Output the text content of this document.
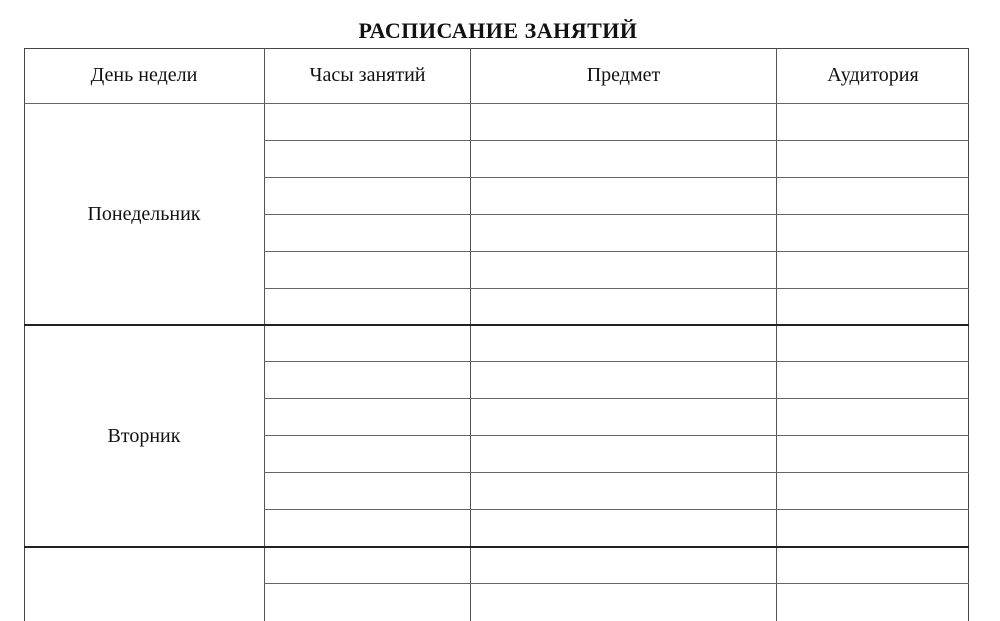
РАСПИСАНИЕ ЗАНЯТИЙ
День недели	Часы занятий	Предмет	Аудитория
Понедельник
Вторник
